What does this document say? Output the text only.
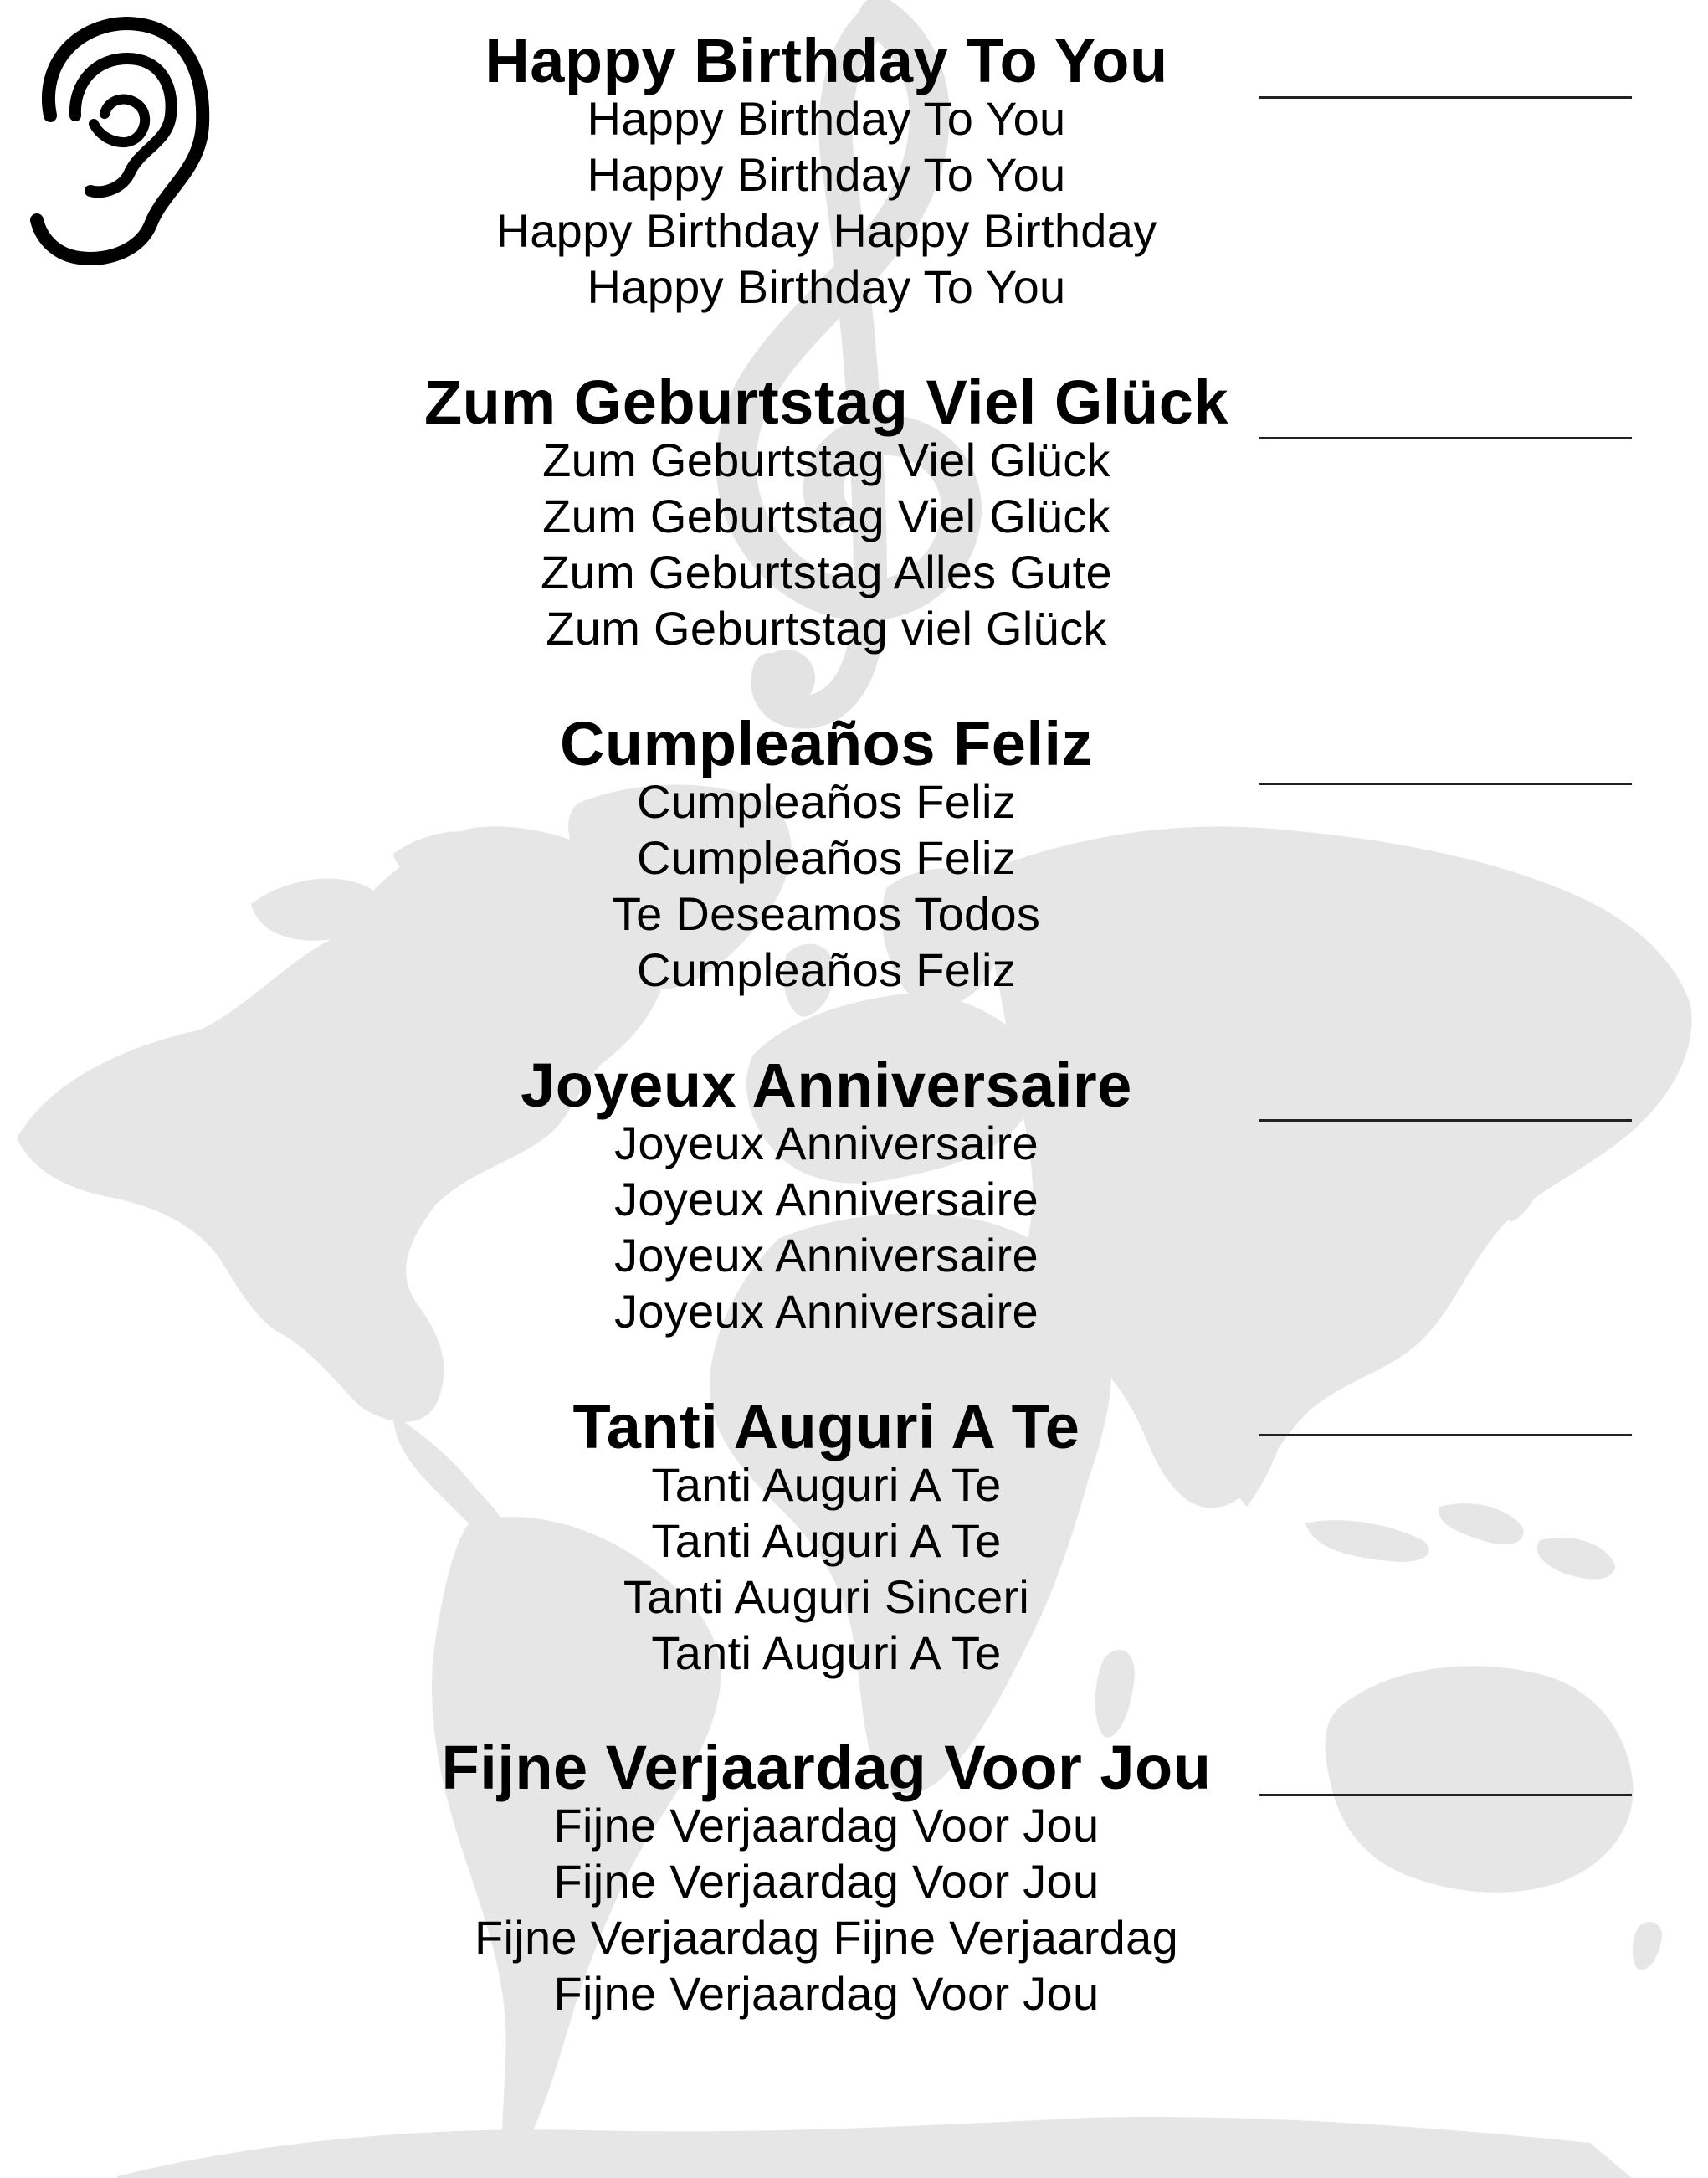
Happy Birthday To You
Happy Birthday To You
Happy Birthday To You
Happy Birthday Happy Birthday
Happy Birthday To You
Zum Geburtstag Viel Glück
Zum Geburtstag Viel Glück
Zum Geburtstag Viel Glück
Zum Geburtstag Alles Gute
Zum Geburtstag viel Glück
Cumpleaños Feliz
Cumpleaños Feliz
Cumpleaños Feliz
Te Deseamos Todos
Cumpleaños Feliz
Joyeux Anniversaire
Joyeux Anniversaire
Joyeux Anniversaire
Joyeux Anniversaire
Joyeux Anniversaire
Tanti Auguri A Te
Tanti Auguri A Te
Tanti Auguri A Te
Tanti Auguri Sinceri
Tanti Auguri A Te
Fijne Verjaardag Voor Jou
Fijne Verjaardag Voor Jou
Fijne Verjaardag Voor Jou
Fijne Verjaardag Fijne Verjaardag
Fijne Verjaardag Voor Jou
